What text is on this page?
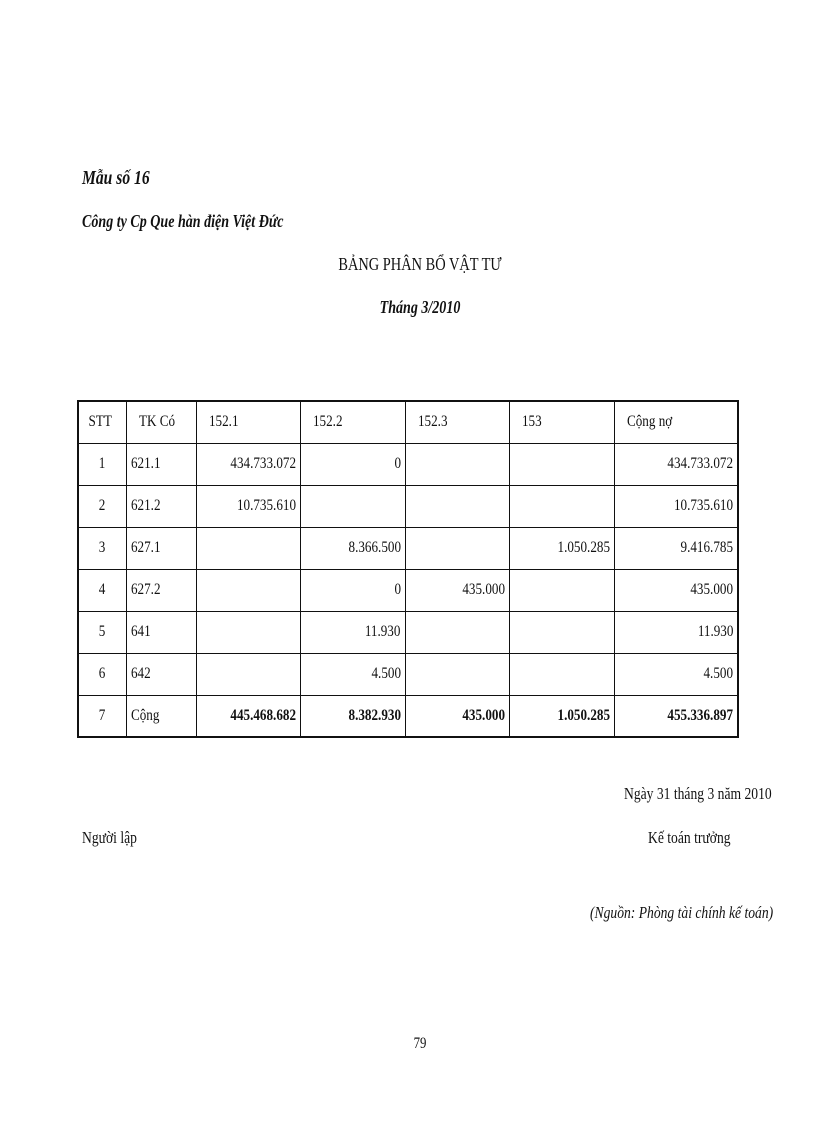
Mẫu số 16
Công ty Cp Que hàn điện Việt Đức
BẢNG PHÂN BỔ VẬT TƯ
Tháng 3/2010
STT	TK Có	152.1	152.2	152.3	153	Cộng nợ
1	621.1	434.733.072	0			434.733.072
2	621.2	10.735.610				10.735.610
3	627.1		8.366.500		1.050.285	9.416.785
4	627.2		0	435.000		435.000
5	641		11.930			11.930
6	642		4.500			4.500
7	Cộng	445.468.682	8.382.930	435.000	1.050.285	455.336.897
Ngày 31 tháng 3 năm 2010
Người lập	Kế toán trưởng
(Nguồn: Phòng tài chính kế toán)
79
